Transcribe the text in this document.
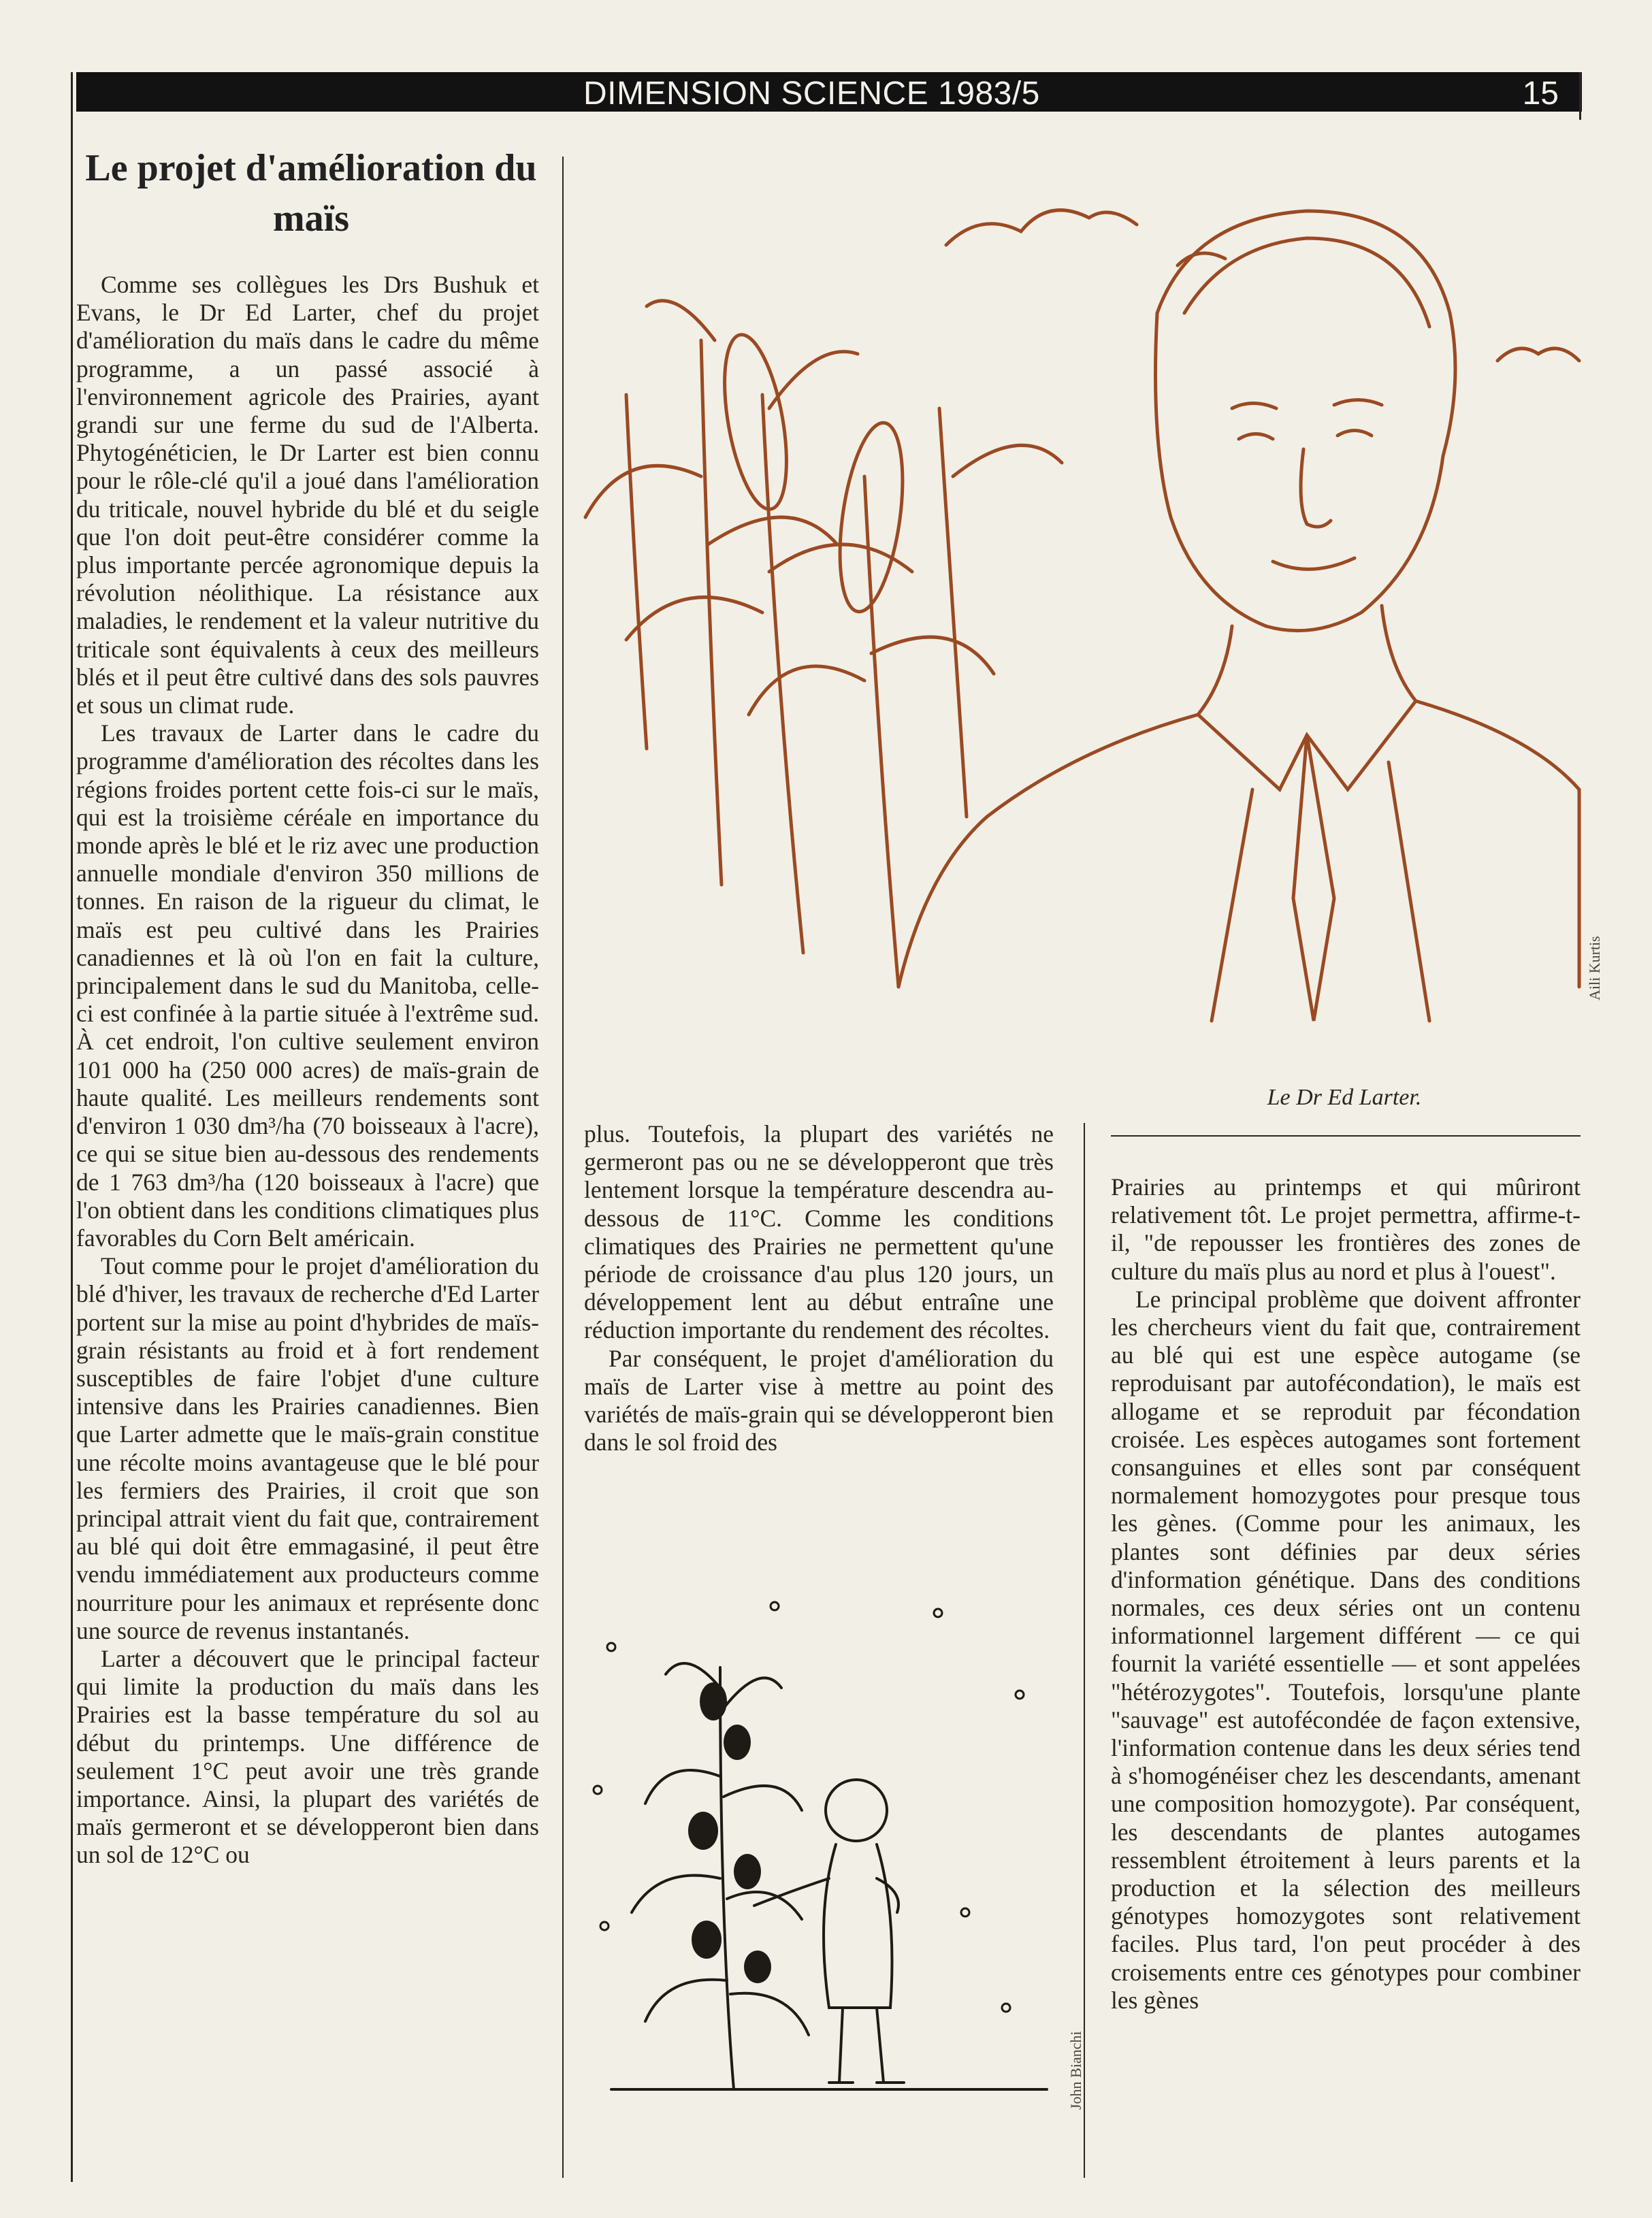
DIMENSION SCIENCE 1983/5	15
Le projet d'amélioration du maïs

Comme ses collègues les Drs Bushuk et Evans, le Dr Ed Larter, chef du projet d'amélioration du maïs dans le cadre du même programme, a un passé associé à l'environnement agricole des Prairies, ayant grandi sur une ferme du sud de l'Alberta. Phytogénéticien, le Dr Larter est bien connu pour le rôle-clé qu'il a joué dans l'amélioration du triticale, nouvel hybride du blé et du seigle que l'on doit peut-être considérer comme la plus importante percée agronomique depuis la révolution néolithique. La résistance aux maladies, le rendement et la valeur nutritive du triticale sont équivalents à ceux des meilleurs blés et il peut être cultivé dans des sols pauvres et sous un climat rude.

Les travaux de Larter dans le cadre du programme d'amélioration des récoltes dans les régions froides portent cette fois-ci sur le maïs, qui est la troisième céréale en importance du monde après le blé et le riz avec une production annuelle mondiale d'environ 350 millions de tonnes. En raison de la rigueur du climat, le maïs est peu cultivé dans les Prairies canadiennes et là où l'on en fait la culture, principalement dans le sud du Manitoba, celle-ci est confinée à la partie située à l'extrême sud. À cet endroit, l'on cultive seulement environ 101 000 ha (250 000 acres) de maïs-grain de haute qualité. Les meilleurs rendements sont d'environ 1 030 dm³/ha (70 boisseaux à l'acre), ce qui se situe bien au-dessous des rendements de 1 763 dm³/ha (120 boisseaux à l'acre) que l'on obtient dans les conditions climatiques plus favorables du Corn Belt américain.

Tout comme pour le projet d'amélioration du blé d'hiver, les travaux de recherche d'Ed Larter portent sur la mise au point d'hybrides de maïs-grain résistants au froid et à fort rendement susceptibles de faire l'objet d'une culture intensive dans les Prairies canadiennes. Bien que Larter admette que le maïs-grain constitue une récolte moins avantageuse que le blé pour les fermiers des Prairies, il croit que son principal attrait vient du fait que, contrairement au blé qui doit être emmagasiné, il peut être vendu immédiatement aux producteurs comme nourriture pour les animaux et représente donc une source de revenus instantanés.

Larter a découvert que le principal facteur qui limite la production du maïs dans les Prairies est la basse température du sol au début du printemps. Une différence de seulement 1°C peut avoir une très grande importance. Ainsi, la plupart des variétés de maïs germeront et se développeront bien dans un sol de 12°C ou

plus. Toutefois, la plupart des variétés ne germeront pas ou ne se développeront que très lentement lorsque la température descendra au-dessous de 11°C. Comme les conditions climatiques des Prairies ne permettent qu'une période de croissance d'au plus 120 jours, un développement lent au début entraîne une réduction importante du rendement des récoltes.

Par conséquent, le projet d'amélioration du maïs de Larter vise à mettre au point des variétés de maïs-grain qui se développeront bien dans le sol froid des

Prairies au printemps et qui mûriront relativement tôt. Le projet permettra, affirme-t-il, "de repousser les frontières des zones de culture du maïs plus au nord et plus à l'ouest".

Le principal problème que doivent affronter les chercheurs vient du fait que, contrairement au blé qui est une espèce autogame (se reproduisant par autofécondation), le maïs est allogame et se reproduit par fécondation croisée. Les espèces autogames sont fortement consanguines et elles sont par conséquent normalement homozygotes pour presque tous les gènes. (Comme pour les animaux, les plantes sont définies par deux séries d'information génétique. Dans des conditions normales, ces deux séries ont un contenu informationnel largement différent — ce qui fournit la variété essentielle — et sont appelées "hétérozygotes". Toutefois, lorsqu'une plante "sauvage" est autofécondée de façon extensive, l'information contenue dans les deux séries tend à s'homogénéiser chez les descendants, amenant une composition homozygote). Par conséquent, les descendants de plantes autogames ressemblent étroitement à leurs parents et la production et la sélection des meilleurs génotypes homozygotes sont relativement faciles. Plus tard, l'on peut procéder à des croisements entre ces génotypes pour combiner les gènes

Le Dr Ed Larter.
Aili Kurtis
John Bianchi
